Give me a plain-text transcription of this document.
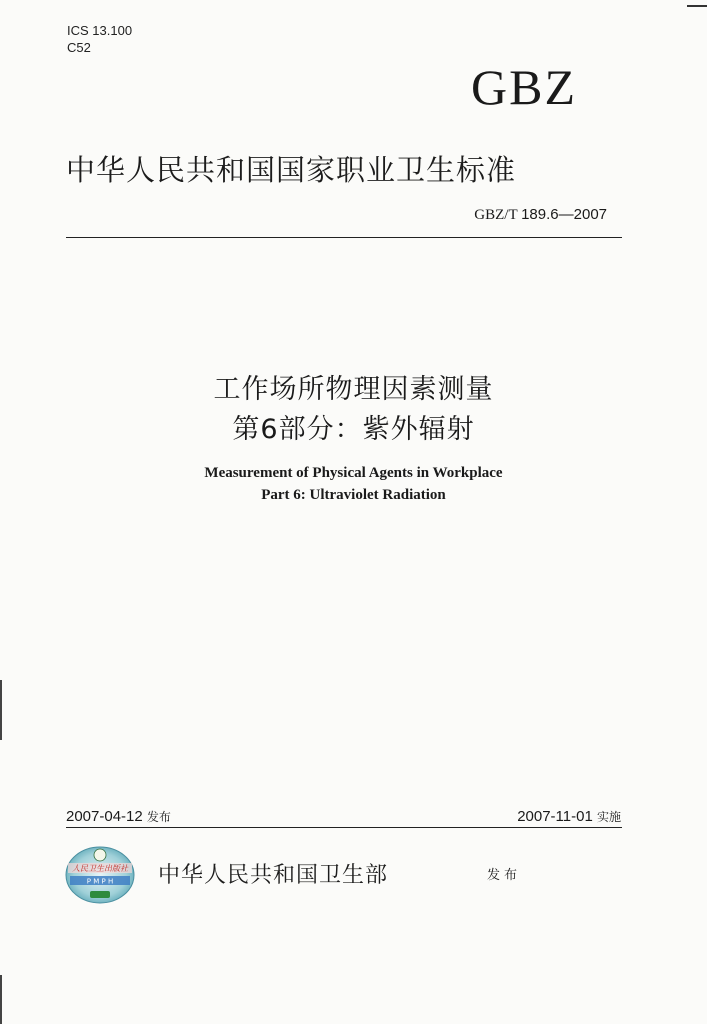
ICS 13.100
C52
GBZ
中华人民共和国国家职业卫生标准
GBZ/T 189.6—2007
工作场所物理因素测量
第6部分：紫外辐射
Measurement of Physical Agents in Workplace
Part 6: Ultraviolet Radiation
2007-04-12 发布	2007-11-01 实施
人民卫生出版社
P M P H 中华人民共和国卫生部	发布
